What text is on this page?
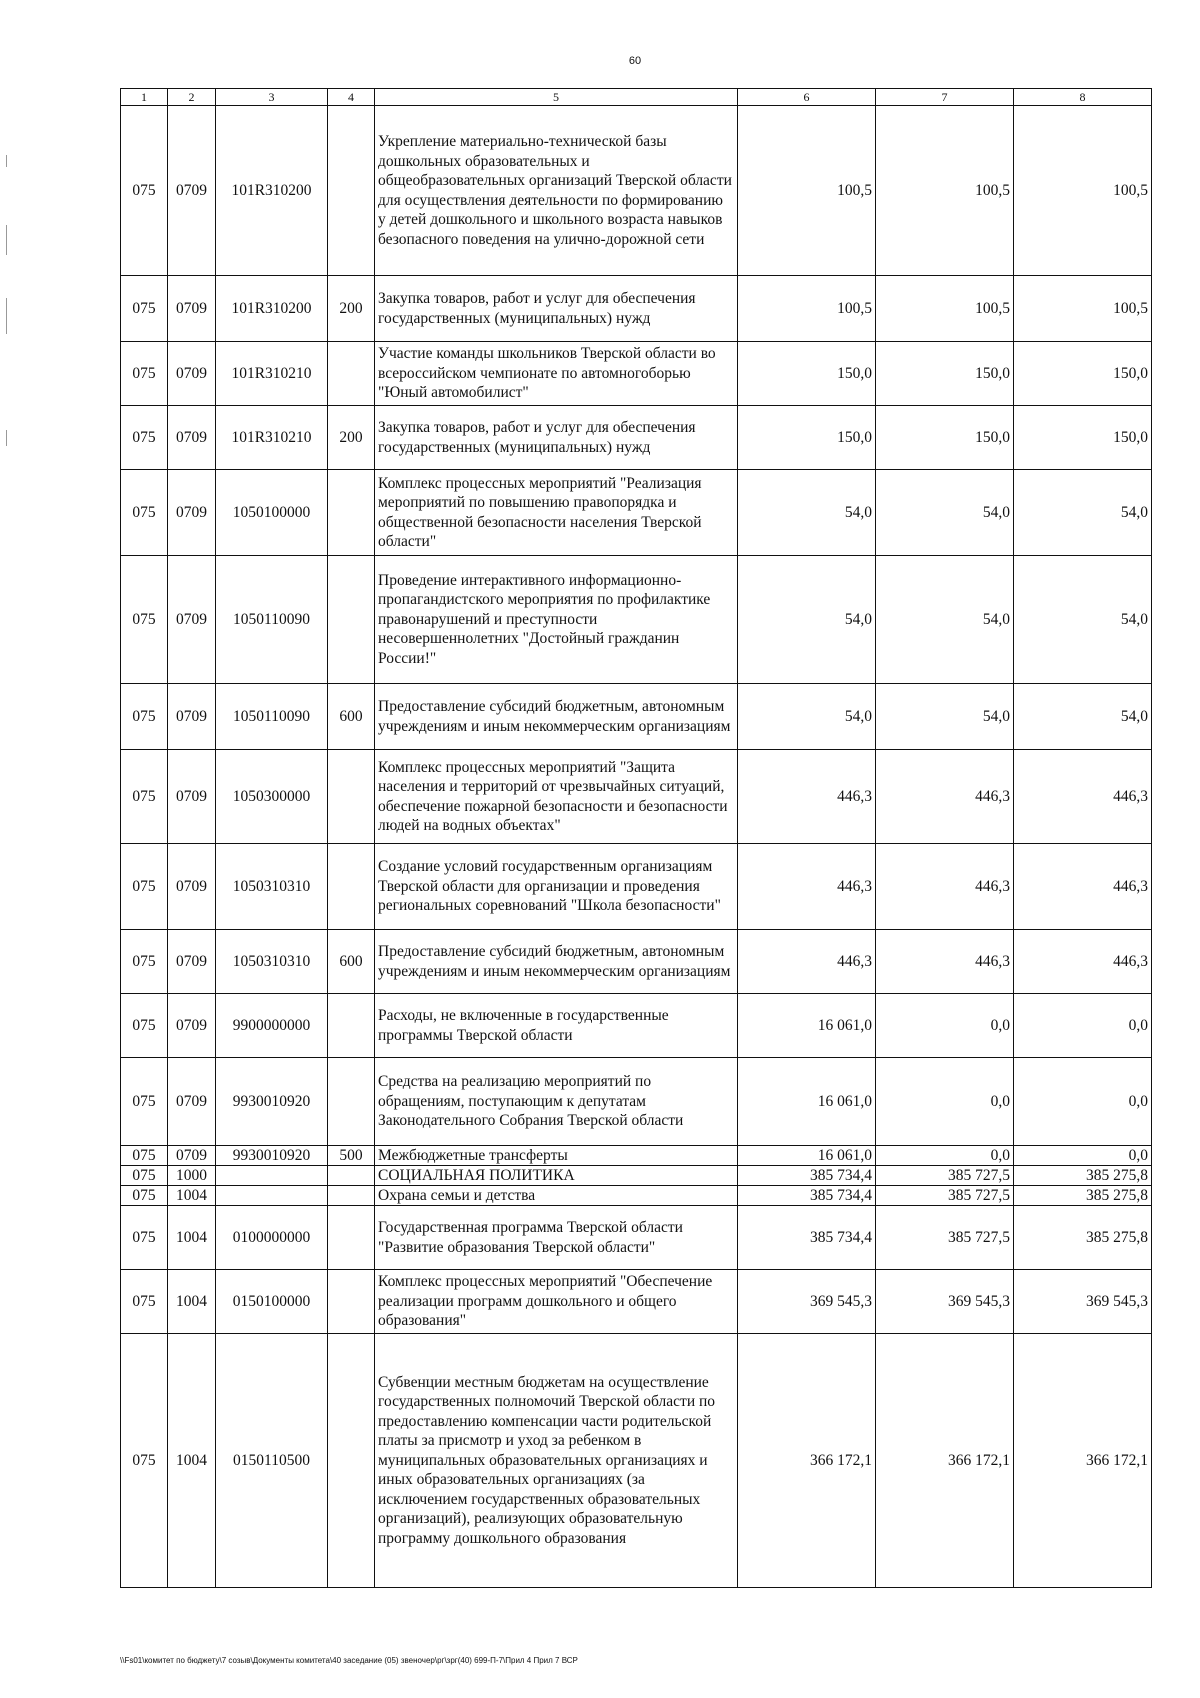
60
1	2	3	4	5	6	7	8
075	0709	101R310200		Укрепление материально-технической базы дошкольных образовательных и общеобразовательных организаций Тверской области для осуществления деятельности по формированию у детей дошкольного и школьного возраста навыков безопасного поведения на улично-дорожной сети	100,5	100,5	100,5
075	0709	101R310200	200	Закупка товаров, работ и услуг для обеспечения государственных (муниципальных) нужд	100,5	100,5	100,5
075	0709	101R310210		Участие команды школьников Тверской области во всероссийском чемпионате по автомногоборью "Юный автомобилист"	150,0	150,0	150,0
075	0709	101R310210	200	Закупка товаров, работ и услуг для обеспечения государственных (муниципальных) нужд	150,0	150,0	150,0
075	0709	1050100000		Комплекс процессных мероприятий "Реализация мероприятий по повышению правопорядка и общественной безопасности населения Тверской области"	54,0	54,0	54,0
075	0709	1050110090		Проведение интерактивного информационно-пропагандистского мероприятия по профилактике правонарушений и преступности несовершеннолетних "Достойный гражданин России!"	54,0	54,0	54,0
075	0709	1050110090	600	Предоставление субсидий бюджетным, автономным учреждениям и иным некоммерческим организациям	54,0	54,0	54,0
075	0709	1050300000		Комплекс процессных мероприятий "Защита населения и территорий от чрезвычайных ситуаций, обеспечение пожарной безопасности и безопасности людей на водных объектах"	446,3	446,3	446,3
075	0709	1050310310		Создание условий государственным организациям Тверской области для организации и проведения региональных соревнований "Школа безопасности"	446,3	446,3	446,3
075	0709	1050310310	600	Предоставление субсидий бюджетным, автономным учреждениям и иным некоммерческим организациям	446,3	446,3	446,3
075	0709	9900000000		Расходы, не включенные в государственные программы Тверской области	16 061,0	0,0	0,0
075	0709	9930010920		Средства на реализацию мероприятий по обращениям, поступающим к депутатам Законодательного Собрания Тверской области	16 061,0	0,0	0,0
075	0709	9930010920	500	Межбюджетные трансферты	16 061,0	0,0	0,0
075	1000			СОЦИАЛЬНАЯ ПОЛИТИКА	385 734,4	385 727,5	385 275,8
075	1004			Охрана семьи и детства	385 734,4	385 727,5	385 275,8
075	1004	0100000000		Государственная программа Тверской области "Развитие образования Тверской области"	385 734,4	385 727,5	385 275,8
075	1004	0150100000		Комплекс процессных мероприятий "Обеспечение реализации программ дошкольного и общего образования"	369 545,3	369 545,3	369 545,3
075	1004	0150110500		Субвенции местным бюджетам на осуществление государственных полномочий Тверской области по предоставлению компенсации части родительской платы за присмотр и уход за ребенком в муниципальных образовательных организациях и иных образовательных организациях (за исключением государственных образовательных организаций), реализующих образовательную программу дошкольного образования	366 172,1	366 172,1	366 172,1
\\Fs01\комитет по бюджету\7 созыв\Документы комитета\40 заседание (05) звеночер\рг\зрг(40) 699-П-7\Прил 4 Прил 7 ВСР
